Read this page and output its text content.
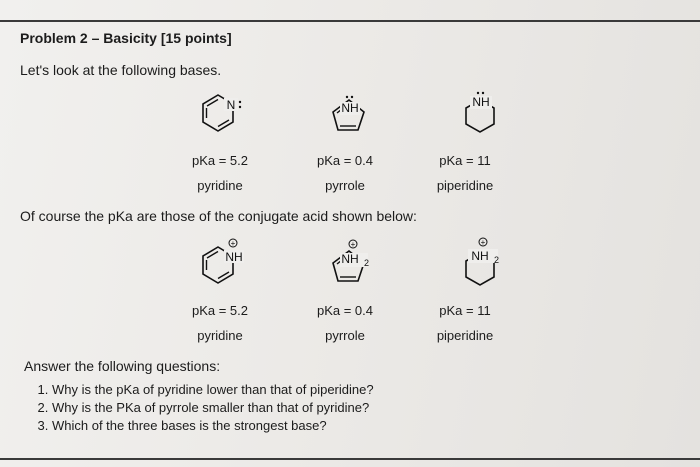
Problem 2 – Basicity [15 points]
Let's look at the following bases.
N	NH	NH
pKa = 5.2	pKa = 0.4	pKa = 11
pyridine	pyrrole	piperidine
Of course the pKa are those of the conjugate acid shown below:
NH
+
NH 2
+
NH 2
+
pKa = 5.2	pKa = 0.4	pKa = 11
pyridine	pyrrole	piperidine
Answer the following questions:
1. Why is the pKa of pyridine lower than that of piperidine?
2. Why is the PKa of pyrrole smaller than that of pyridine?
3. Which of the three bases is the strongest base?
